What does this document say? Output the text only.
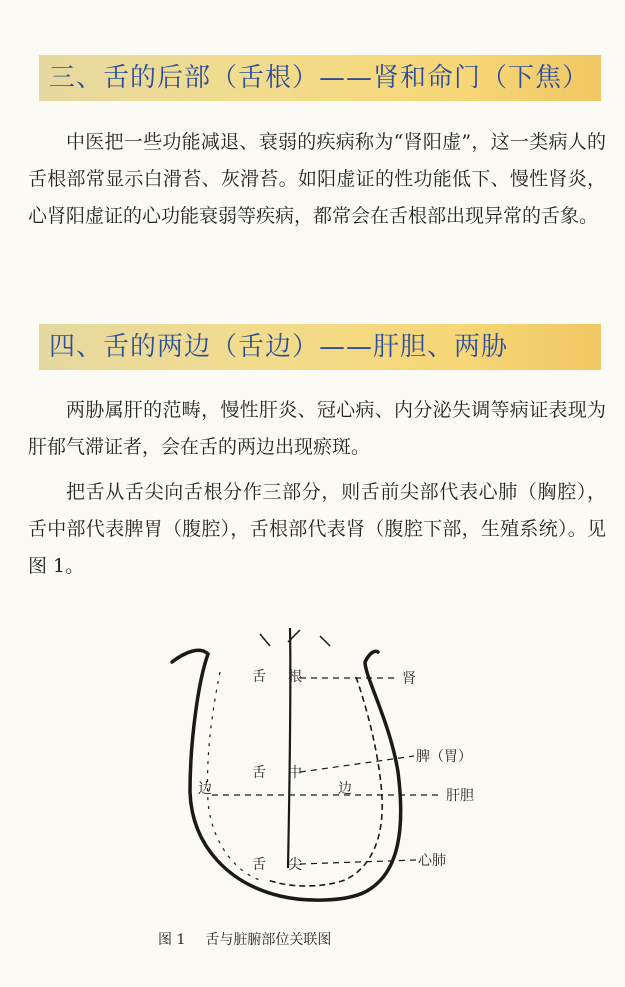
三、舌的后部（舌根）——肾和命门（下焦）

中医把一些功能减退、衰弱的疾病称为“肾阳虚”，这一类病人的舌根部常显示白滑苔、灰滑苔。如阳虚证的性功能低下、慢性肾炎，心肾阳虚证的心功能衰弱等疾病，都常会在舌根部出现异常的舌象。

四、舌的两边（舌边）——肝胆、两胁

两胁属肝的范畴，慢性肝炎、冠心病、内分泌失调等病证表现为肝郁气滞证者，会在舌的两边出现瘀斑。

把舌从舌尖向舌根分作三部分，则舌前尖部代表心肺（胸腔），舌中部代表脾胃（腹腔），舌根部代表肾（腹腔下部，生殖系统）。见图 1。

舌 根
舌 中
舌 尖
边	边
肾
脾（胃）
肝胆
心肺
图 1 舌与脏腑部位关联图
